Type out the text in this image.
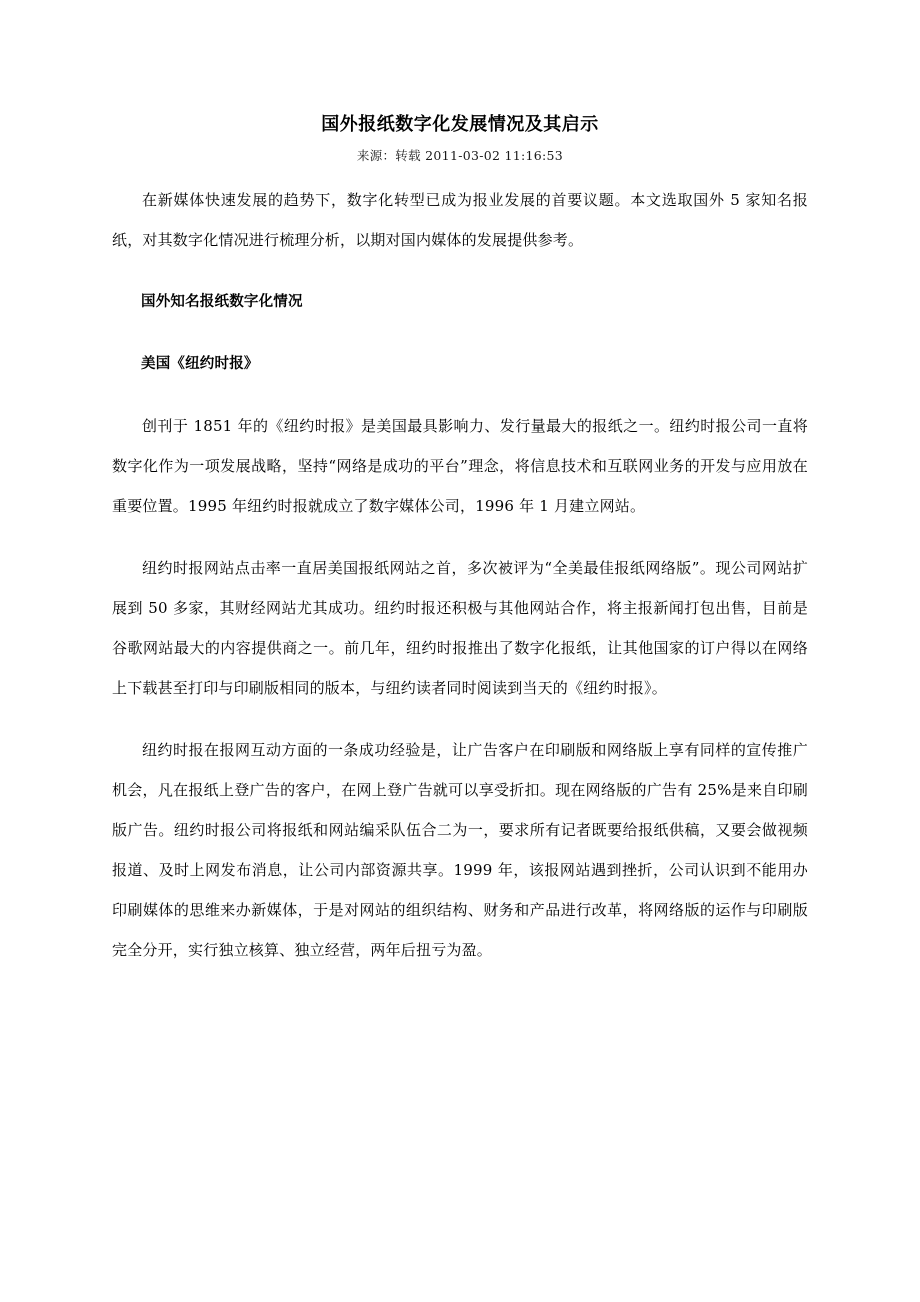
国外报纸数字化发展情况及其启示
来源：转载 2011-03-02 11:16:53

在新媒体快速发展的趋势下，数字化转型已成为报业发展的首要议题。本文选取国外 5 家知名报纸，对其数字化情况进行梳理分析，以期对国内媒体的发展提供参考。

国外知名报纸数字化情况
美国《纽约时报》

创刊于 1851 年的《纽约时报》是美国最具影响力、发行量最大的报纸之一。纽约时报公司一直将数字化作为一项发展战略，坚持“网络是成功的平台”理念，将信息技术和互联网业务的开发与应用放在重要位置。1995 年纽约时报就成立了数字媒体公司，1996 年 1 月建立网站。

纽约时报网站点击率一直居美国报纸网站之首，多次被评为“全美最佳报纸网络版”。现公司网站扩展到 50 多家，其财经网站尤其成功。纽约时报还积极与其他网站合作，将主报新闻打包出售，目前是谷歌网站最大的内容提供商之一。前几年，纽约时报推出了数字化报纸，让其他国家的订户得以在网络上下载甚至打印与印刷版相同的版本，与纽约读者同时阅读到当天的《纽约时报》。

纽约时报在报网互动方面的一条成功经验是，让广告客户在印刷版和网络版上享有同样的宣传推广机会，凡在报纸上登广告的客户，在网上登广告就可以享受折扣。现在网络版的广告有 25%是来自印刷版广告。纽约时报公司将报纸和网站编采队伍合二为一，要求所有记者既要给报纸供稿，又要会做视频报道、及时上网发布消息，让公司内部资源共享。1999 年，该报网站遇到挫折，公司认识到不能用办印刷媒体的思维来办新媒体，于是对网站的组织结构、财务和产品进行改革，将网络版的运作与印刷版完全分开，实行独立核算、独立经营，两年后扭亏为盈。
